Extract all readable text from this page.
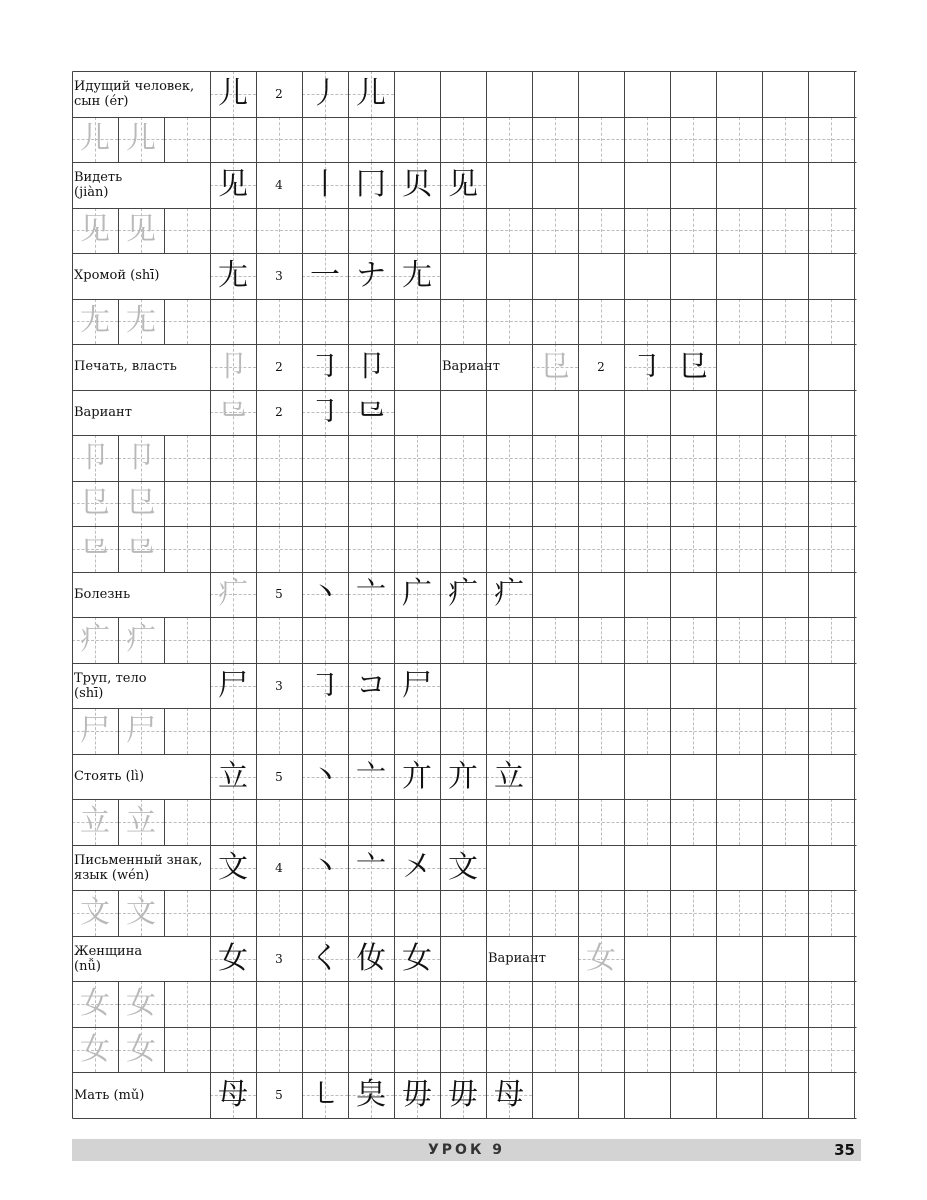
Идущий человек,
сын (ér)	儿	2 丿 儿
儿 儿
Видеть
(jiàn)	见	4 丨 冂 贝 见
见 见
Хромой (shī)	尢	3 一 ナ 尢
尢 尢
Печать, власть	卩	2 ㇆ 卩	Вариант	㔾	2 ㇆ 㔾
Вариант	⺋	2 ㇆ ⺋
卩 卩
㔾 㔾
⺋ ⺋
Болезнь	疒	5 丶 亠 广 疒 疒
疒 疒
Труп, тело
(shī)	尸	3 ㇆ コ 尸
尸 尸
Стоять (lì)	立	5 丶 亠 亣 亣 立
立 立
Письменный знак,
язык (wén)	文	4 丶 亠 㐅 文
文 文
Женщина
(nǚ)	女	3 く 㚢 女	Вариант	女
女 女
女 女
Мать (mǔ)	母	5 ㇄ 㚖 毋 毋 母
УРОК 9	35
